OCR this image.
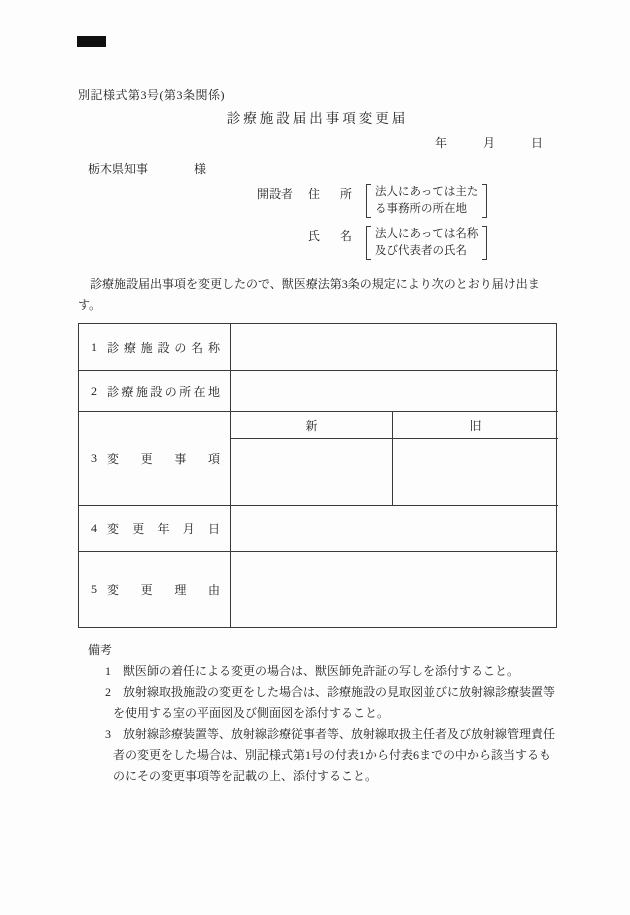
別記様式第3号(第3条関係)
診療施設届出事項変更届
年　　月　　日
栃木県知事	様
開設者 住　所 法人にあっては主た
る事務所の所在地
氏　名 法人にあっては名称
及び代表者の氏名

診療施設届出事項を変更したので、獣医療法第3条の規定により次のとおり届け出ます。

1 診 療 施 設 の 名 称
2 診 療 施 設 の 所 在 地
3 変 更 事 項
新	旧
4 変 更 年 月 日
5 変 更 理 由
備考

1 獣医師の着任による変更の場合は、獣医師免許証の写しを添付すること。

2 放射線取扱施設の変更をした場合は、診療施設の見取図並びに放射線診療装置等を使用する室の平面図及び側面図を添付すること。

3 放射線診療装置等、放射線診療従事者等、放射線取扱主任者及び放射線管理責任者の変更をした場合は、別記様式第1号の付表1から付表6までの中から該当するものにその変更事項等を記載の上、添付すること。
